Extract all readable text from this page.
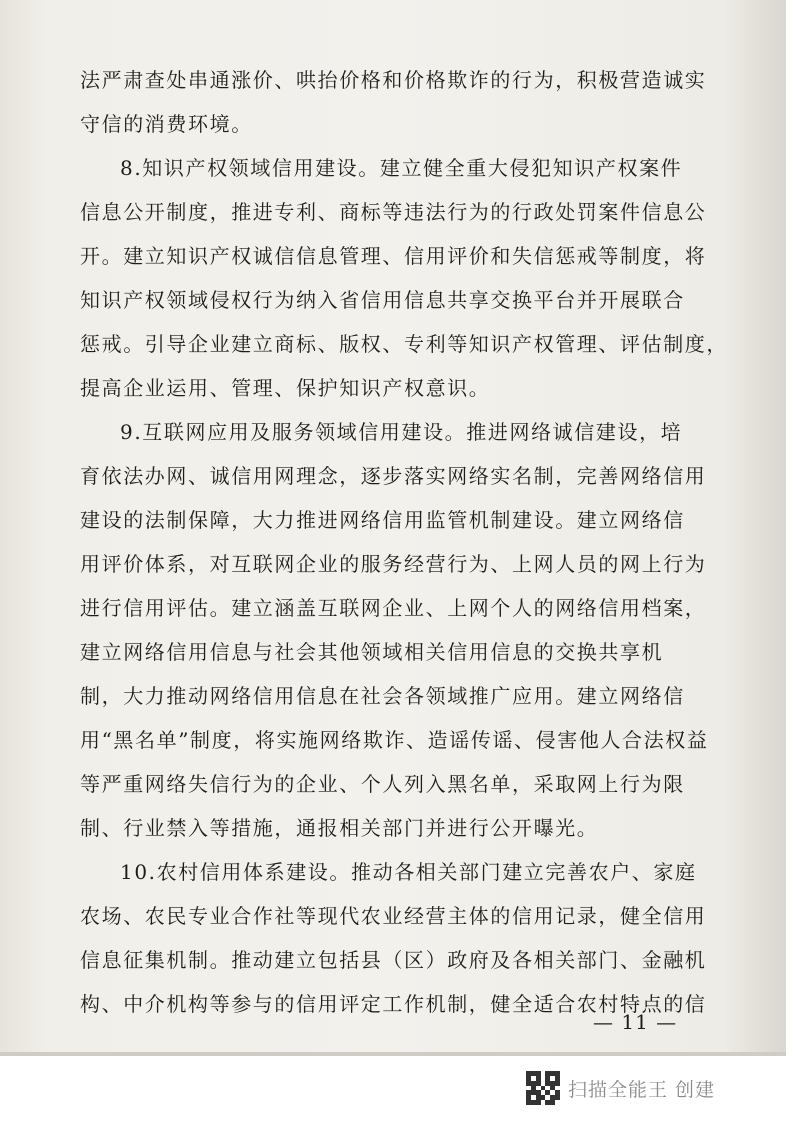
法严肃查处串通涨价、哄抬价格和价格欺诈的行为，积极营造诚实
守信的消费环境。
8.知识产权领域信用建设。建立健全重大侵犯知识产权案件
信息公开制度，推进专利、商标等违法行为的行政处罚案件信息公
开。建立知识产权诚信信息管理、信用评价和失信惩戒等制度，将
知识产权领域侵权行为纳入省信用信息共享交换平台并开展联合
惩戒。引导企业建立商标、版权、专利等知识产权管理、评估制度，
提高企业运用、管理、保护知识产权意识。
9.互联网应用及服务领域信用建设。推进网络诚信建设，培
育依法办网、诚信用网理念，逐步落实网络实名制，完善网络信用
建设的法制保障，大力推进网络信用监管机制建设。建立网络信
用评价体系，对互联网企业的服务经营行为、上网人员的网上行为
进行信用评估。建立涵盖互联网企业、上网个人的网络信用档案，
建立网络信用信息与社会其他领域相关信用信息的交换共享机
制，大力推动网络信用信息在社会各领域推广应用。建立网络信
用“黑名单”制度，将实施网络欺诈、造谣传谣、侵害他人合法权益
等严重网络失信行为的企业、个人列入黑名单，采取网上行为限
制、行业禁入等措施，通报相关部门并进行公开曝光。
10.农村信用体系建设。推动各相关部门建立完善农户、家庭
农场、农民专业合作社等现代农业经营主体的信用记录，健全信用
信息征集机制。推动建立包括县（区）政府及各相关部门、金融机
构、中介机构等参与的信用评定工作机制，健全适合农村特点的信
— 11 —
扫描全能王 创建
